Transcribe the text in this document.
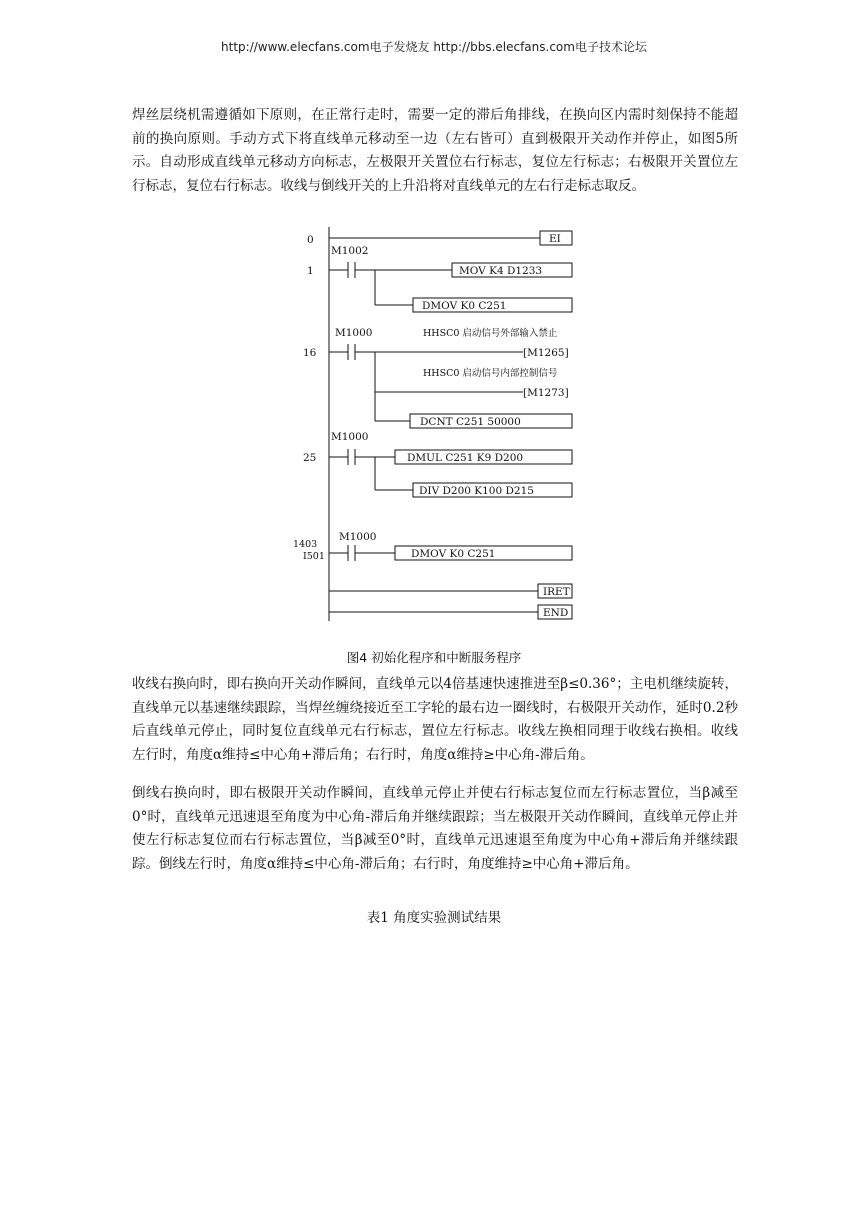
http://www.elecfans.com电子发烧友 http://bbs.elecfans.com电子技术论坛
焊丝层绕机需遵循如下原则，在正常行走时，需要一定的滞后角排线，在换向区内需时刻保持不能超前的换向原则。手动方式下将直线单元移动至一边（左右皆可）直到极限开关动作并停止，如图5所示。自动形成直线单元移动方向标志，左极限开关置位右行标志，复位左行标志；右极限开关置位左行标志，复位右行标志。收线与倒线开关的上升沿将对直线单元的左右行走标志取反。
0	EI
M1002
1	MOV K4 D1233
DMOV K0 C251
M1000	HHSC0 启动信号外部输入禁止
16	[M1265]
HHSC0 启动信号内部控制信号
[M1273]
DCNT C251 50000
M1000
25	DMUL C251 K9 D200
DIV D200 K100 D215
M1000
1403
I501	DMOV K0 C251
IRET
END
图4 初始化程序和中断服务程序
收线右换向时，即右换向开关动作瞬间，直线单元以4倍基速快速推进至β≤0.36°；主电机继续旋转，直线单元以基速继续跟踪，当焊丝缠绕接近至工字轮的最右边一圈线时，右极限开关动作，延时0.2秒后直线单元停止，同时复位直线单元右行标志，置位左行标志。收线左换相同理于收线右换相。收线左行时，角度α维持≤中心角+滞后角；右行时，角度α维持≥中心角-滞后角。
倒线右换向时，即右极限开关动作瞬间，直线单元停止并使右行标志复位而左行标志置位，当β减至 0°时，直线单元迅速退至角度为中心角-滞后角并继续跟踪；当左极限开关动作瞬间，直线单元停止并使左行标志复位而右行标志置位，当β减至0°时，直线单元迅速退至角度为中心角+滞后角并继续跟踪。倒线左行时，角度α维持≤中心角-滞后角；右行时，角度维持≥中心角+滞后角。
表1 角度实验测试结果
